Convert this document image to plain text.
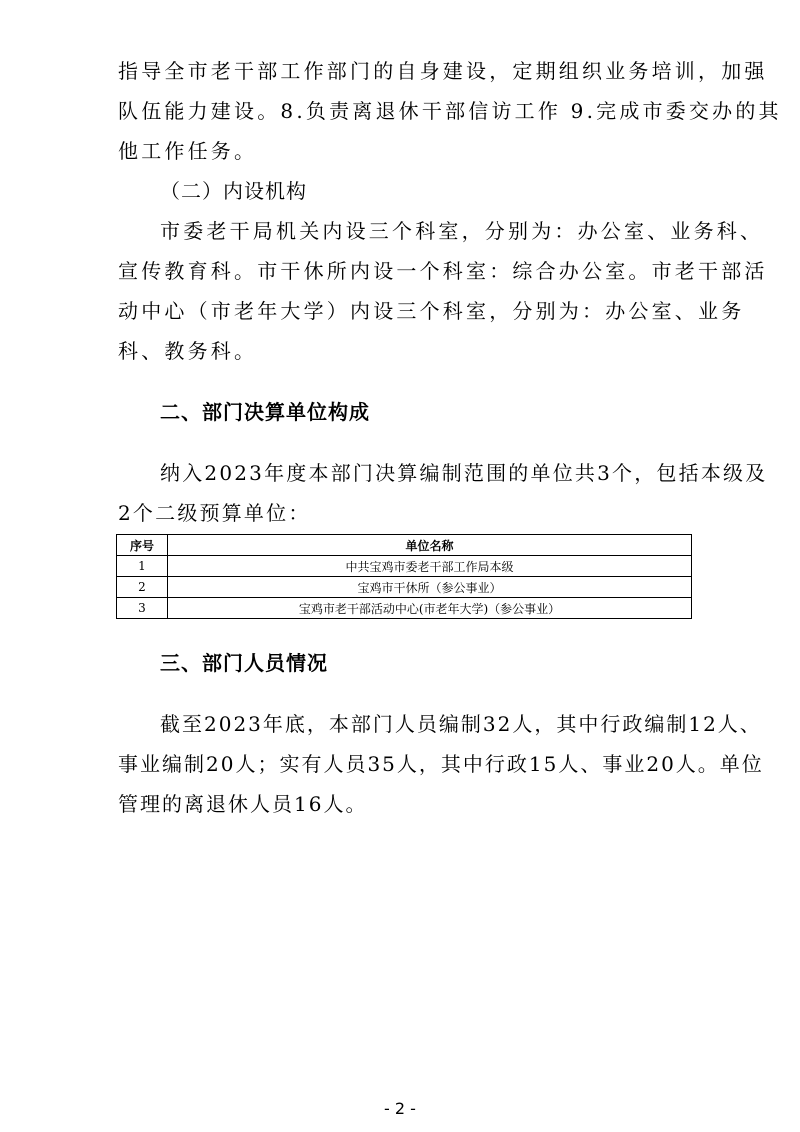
指导全市老干部工作部门的自身建设，定期组织业务培训，加强
队伍能力建设。8.负责离退休干部信访工作 9.完成市委交办的其
他工作任务。
（二）内设机构
市委老干局机关内设三个科室，分别为：办公室、业务科、
宣传教育科。市干休所内设一个科室：综合办公室。市老干部活
动中心（市老年大学）内设三个科室，分别为：办公室、业务
科、教务科。
二、部门决算单位构成
纳入2023年度本部门决算编制范围的单位共3个，包括本级及
2个二级预算单位：
序号	单位名称
1	中共宝鸡市委老干部工作局本级
2	宝鸡市干休所（参公事业）
3	宝鸡市老干部活动中心(市老年大学)（参公事业）
三、部门人员情况
截至2023年底，本部门人员编制32人，其中行政编制12人、
事业编制20人；实有人员35人，其中行政15人、事业20人。单位
管理的离退休人员16人。
- 2 -
